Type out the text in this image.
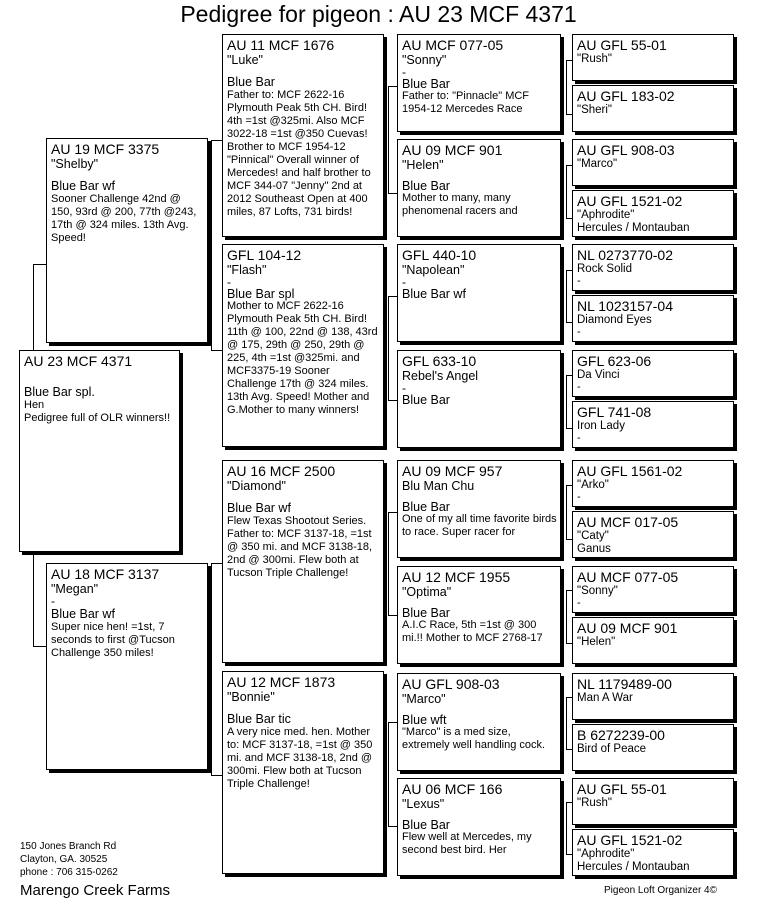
Pedigree for pigeon : AU 23 MCF 4371
AU 23 MCF 4371
Blue Bar spl.
Hen
Pedigree full of OLR winners!!
AU 19 MCF 3375
"Shelby"
Blue Bar wf
Sooner Challenge 42nd @ 150, 93rd @ 200, 77th @243, 17th @ 324 miles. 13th Avg. Speed!
AU 18 MCF 3137
"Megan"
-
Blue Bar wf
Super nice hen! =1st, 7 seconds to first @Tucson Challenge 350 miles!
AU 11 MCF 1676
"Luke"
Blue Bar
Father to: MCF 2622-16 Plymouth Peak 5th CH. Bird! 4th =1st @325mi. Also MCF 3022-18 =1st @350 Cuevas! Brother to MCF 1954-12 "Pinnical" Overall winner of Mercedes! and half brother to MCF 344-07 "Jenny" 2nd at 2012 Southeast Open at 400 miles, 87 Lofts, 731 birds!
GFL 104-12
"Flash"
-
Blue Bar spl
Mother to MCF 2622-16 Plymouth Peak 5th CH. Bird! 11th @ 100, 22nd @ 138, 43rd @ 175, 29th @ 250, 29th @ 225, 4th =1st @325mi. and MCF3375-19 Sooner Challenge 17th @ 324 miles. 13th Avg. Speed! Mother and G.Mother to many winners!
AU 16 MCF 2500
"Diamond"
Blue Bar wf
Flew Texas Shootout Series. Father to: MCF 3137-18, =1st @ 350 mi. and MCF 3138-18, 2nd @ 300mi. Flew both at Tucson Triple Challenge!
AU 12 MCF 1873
"Bonnie"
Blue Bar tic
A very nice med. hen. Mother to: MCF 3137-18, =1st @ 350 mi. and MCF 3138-18, 2nd @ 300mi. Flew both at Tucson Triple Challenge!
AU MCF 077-05
"Sonny"
-
Blue Bar
Father to: "Pinnacle" MCF 1954-12 Mercedes Race
AU 09 MCF 901
"Helen"
Blue Bar
Mother to many, many phenomenal racers and
GFL 440-10
"Napolean"
-
Blue Bar wf
GFL 633-10
Rebel's Angel
-
Blue Bar
AU 09 MCF 957
Blu Man Chu
Blue Bar
One of my all time favorite birds to race. Super racer for
AU 12 MCF 1955
"Optima"
Blue Bar
A.I.C Race, 5th =1st @ 300 mi.!! Mother to MCF 2768-17
AU GFL 908-03
"Marco"
Blue wft
"Marco" is a med size, extremely well handling cock.
AU 06 MCF 166
"Lexus"
Blue Bar
Flew well at Mercedes, my second best bird. Her
AU GFL 55-01
"Rush"
AU GFL 183-02
"Sheri"
AU GFL 908-03
"Marco"
AU GFL 1521-02
"Aphrodite"
Hercules / Montauban
NL 0273770-02
Rock Solid
-
NL 1023157-04
Diamond Eyes
-
GFL 623-06
Da Vinci
-
GFL 741-08
Iron Lady
-
AU GFL 1561-02
"Arko"
-
AU MCF 017-05
"Caty"
Ganus
AU MCF 077-05
"Sonny"
-
AU 09 MCF 901
"Helen"
NL 1179489-00
Man A War
B 6272239-00
Bird of Peace
AU GFL 55-01
"Rush"
AU GFL 1521-02
"Aphrodite"
Hercules / Montauban
150 Jones Branch Rd
Clayton, GA. 30525
phone : 706 315-0262
Marengo Creek Farms	Pigeon Loft Organizer 4©
